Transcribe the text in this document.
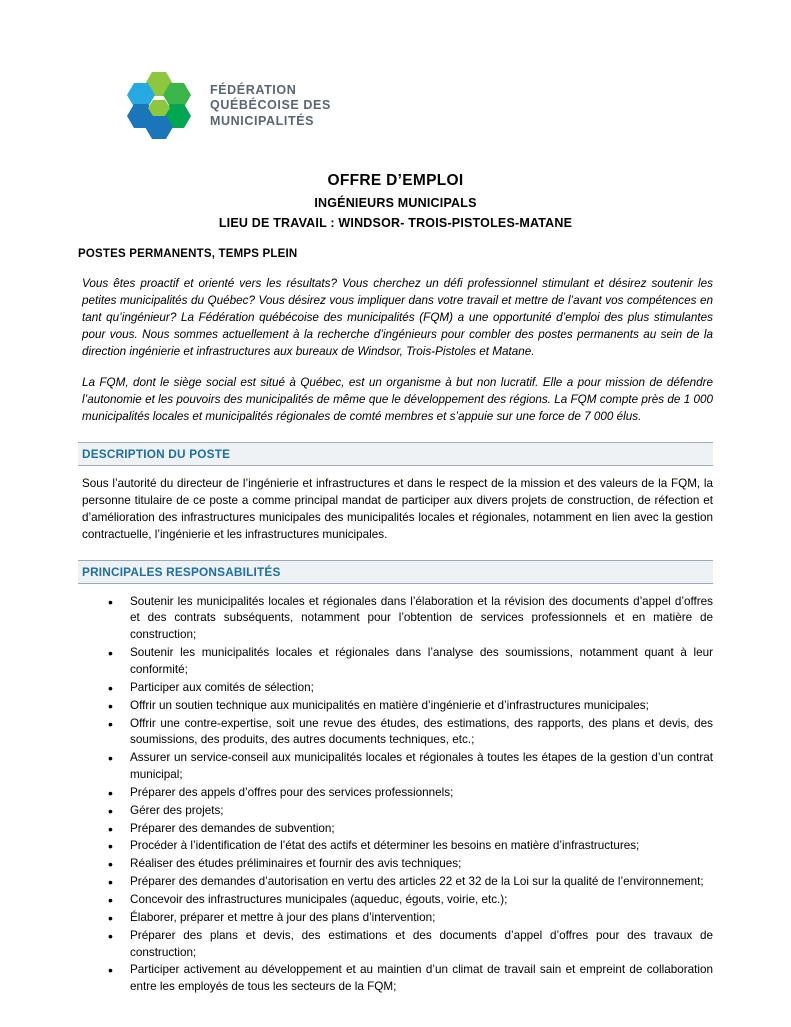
FÉDÉRATION
QUÉBÉCOISE DES
MUNICIPALITÉS
OFFRE D’EMPLOI
INGÉNIEURS MUNICIPALS
LIEU DE TRAVAIL : WINDSOR- TROIS-PISTOLES-MATANE
POSTES PERMANENTS, TEMPS PLEIN

Vous êtes proactif et orienté vers les résultats? Vous cherchez un défi professionnel stimulant et désirez soutenir les petites municipalités du Québec? Vous désirez vous impliquer dans votre travail et mettre de l’avant vos compétences en tant qu’ingénieur? La Fédération québécoise des municipalités (FQM) a une opportunité d’emploi des plus stimulantes pour vous. Nous sommes actuellement à la recherche d’ingénieurs pour combler des postes permanents au sein de la direction ingénierie et infrastructures aux bureaux de Windsor, Trois-Pistoles et Matane.

La FQM, dont le siège social est situé à Québec, est un organisme à but non lucratif. Elle a pour mission de défendre l’autonomie et les pouvoirs des municipalités de même que le développement des régions. La FQM compte près de 1 000 municipalités locales et municipalités régionales de comté membres et s’appuie sur une force de 7 000 élus.

DESCRIPTION DU POSTE

Sous l’autorité du directeur de l’ingénierie et infrastructures et dans le respect de la mission et des valeurs de la FQM, la personne titulaire de ce poste a comme principal mandat de participer aux divers projets de construction, de réfection et d’amélioration des infrastructures municipales des municipalités locales et régionales, notamment en lien avec la gestion contractuelle, l’ingénierie et les infrastructures municipales.

PRINCIPALES RESPONSABILITÉS
• Soutenir les municipalités locales et régionales dans l’élaboration et la révision des documents d’appel d’offres et des contrats subséquents, notamment pour l’obtention de services professionnels et en matière de construction;
• Soutenir les municipalités locales et régionales dans l’analyse des soumissions, notamment quant à leur conformité;
• Participer aux comités de sélection;
• Offrir un soutien technique aux municipalités en matière d’ingénierie et d’infrastructures municipales;
• Offrir une contre-expertise, soit une revue des études, des estimations, des rapports, des plans et devis, des soumissions, des produits, des autres documents techniques, etc.;
• Assurer un service-conseil aux municipalités locales et régionales à toutes les étapes de la gestion d’un contrat municipal;
• Préparer des appels d’offres pour des services professionnels;
• Gérer des projets;
• Préparer des demandes de subvention;
• Procéder à l’identification de l’état des actifs et déterminer les besoins en matière d’infrastructures;
• Réaliser des études préliminaires et fournir des avis techniques;
• Préparer des demandes d’autorisation en vertu des articles 22 et 32 de la Loi sur la qualité de l’environnement;
• Concevoir des infrastructures municipales (aqueduc, égouts, voirie, etc.);
• Élaborer, préparer et mettre à jour des plans d’intervention;
• Préparer des plans et devis, des estimations et des documents d’appel d’offres pour des travaux de construction;
• Participer activement au développement et au maintien d’un climat de travail sain et empreint de collaboration entre les employés de tous les secteurs de la FQM;
